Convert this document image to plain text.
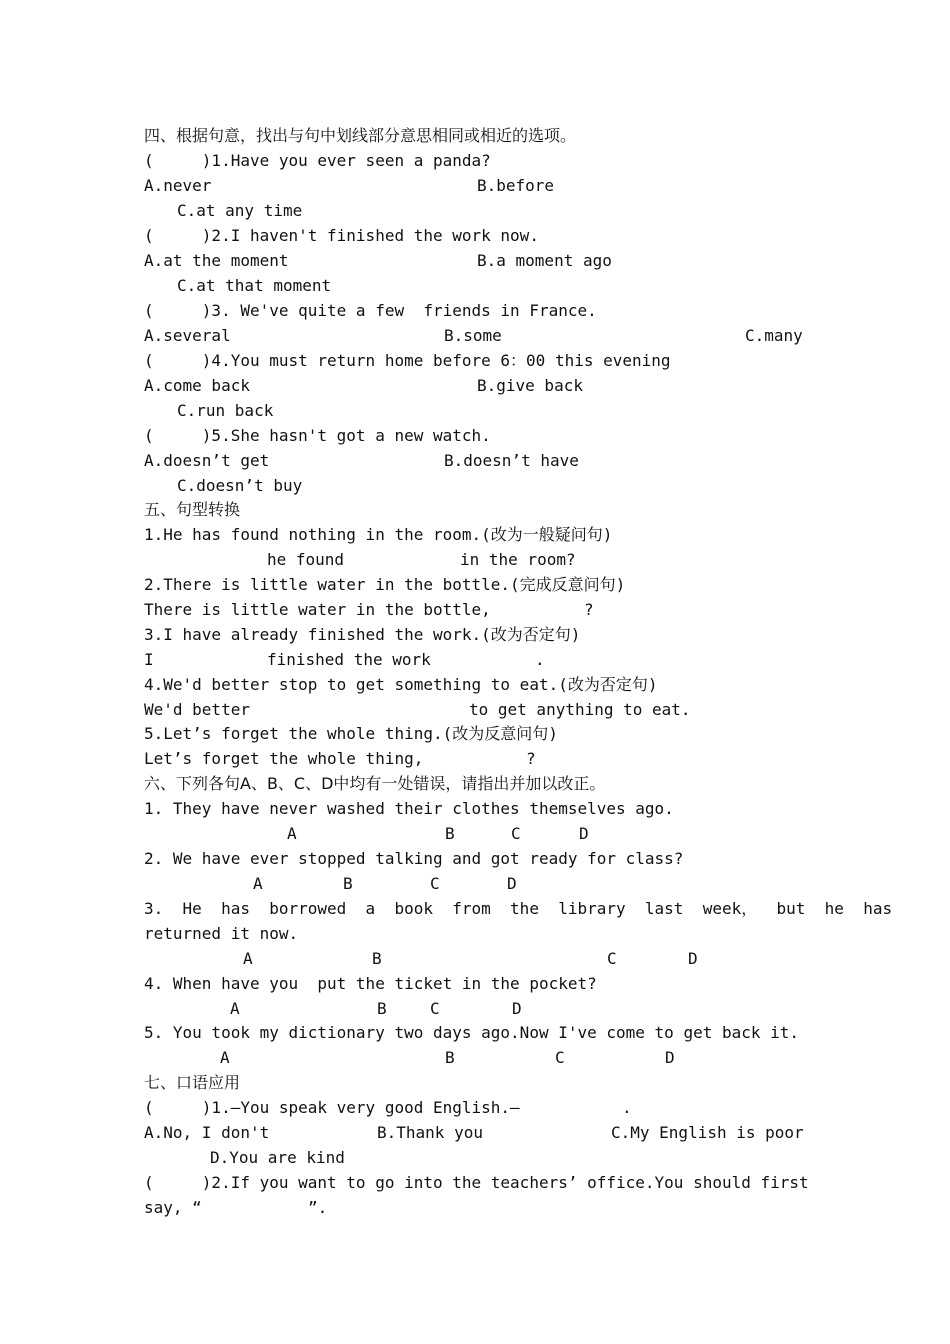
四、根据句意，找出与句中划线部分意思相同或相近的选项。
(     )1.Have you ever seen a panda?
A.never	B.before
C.at any time
(     )2.I haven't finished the work now.
A.at the moment	B.a moment ago
C.at that moment
(     )3. We've quite a few  friends in France.
A.several	B.some	C.many
(     )4.You must return home before 6：00 this evening
A.come back	B.give back
C.run back
(     )5.She hasn't got a new watch.
A.doesn’t get	B.doesn’t have
C.doesn’t buy
五、句型转换
1.He has found nothing in the room.(改为一般疑问句)
he found	in the room?
2.There is little water in the bottle.(完成反意问句)
There is little water in the bottle,	?
3.I have already finished the work.(改为否定句)
I	finished the work	.
4.We'd better stop to get something to eat.(改为否定句)
We'd better	to get anything to eat.
5.Let’s forget the whole thing.(改为反意问句)
Let’s forget the whole thing,	?
六、下列各句A、B、C、D中均有一处错误，请指出并加以改正。
1. They have never washed their clothes themselves ago.
A	B	C	D
2. We have ever stopped talking and got ready for class?
A	B	C	D
3.  He  has  borrowed  a  book  from  the  library  last  week，  but  he  has
returned it now.
A	B	C	D
4. When have you  put the ticket in the pocket?
A	B	C	D
5. You took my dictionary two days ago.Now I've come to get back it.
A	B	C	D
七、口语应用
(     )1.—You speak very good English.—	.
A.No, I don't	B.Thank you	C.My English is poor
D.You are kind
(     )2.If you want to go into the teachers’ office.You should first
say, “	”.
